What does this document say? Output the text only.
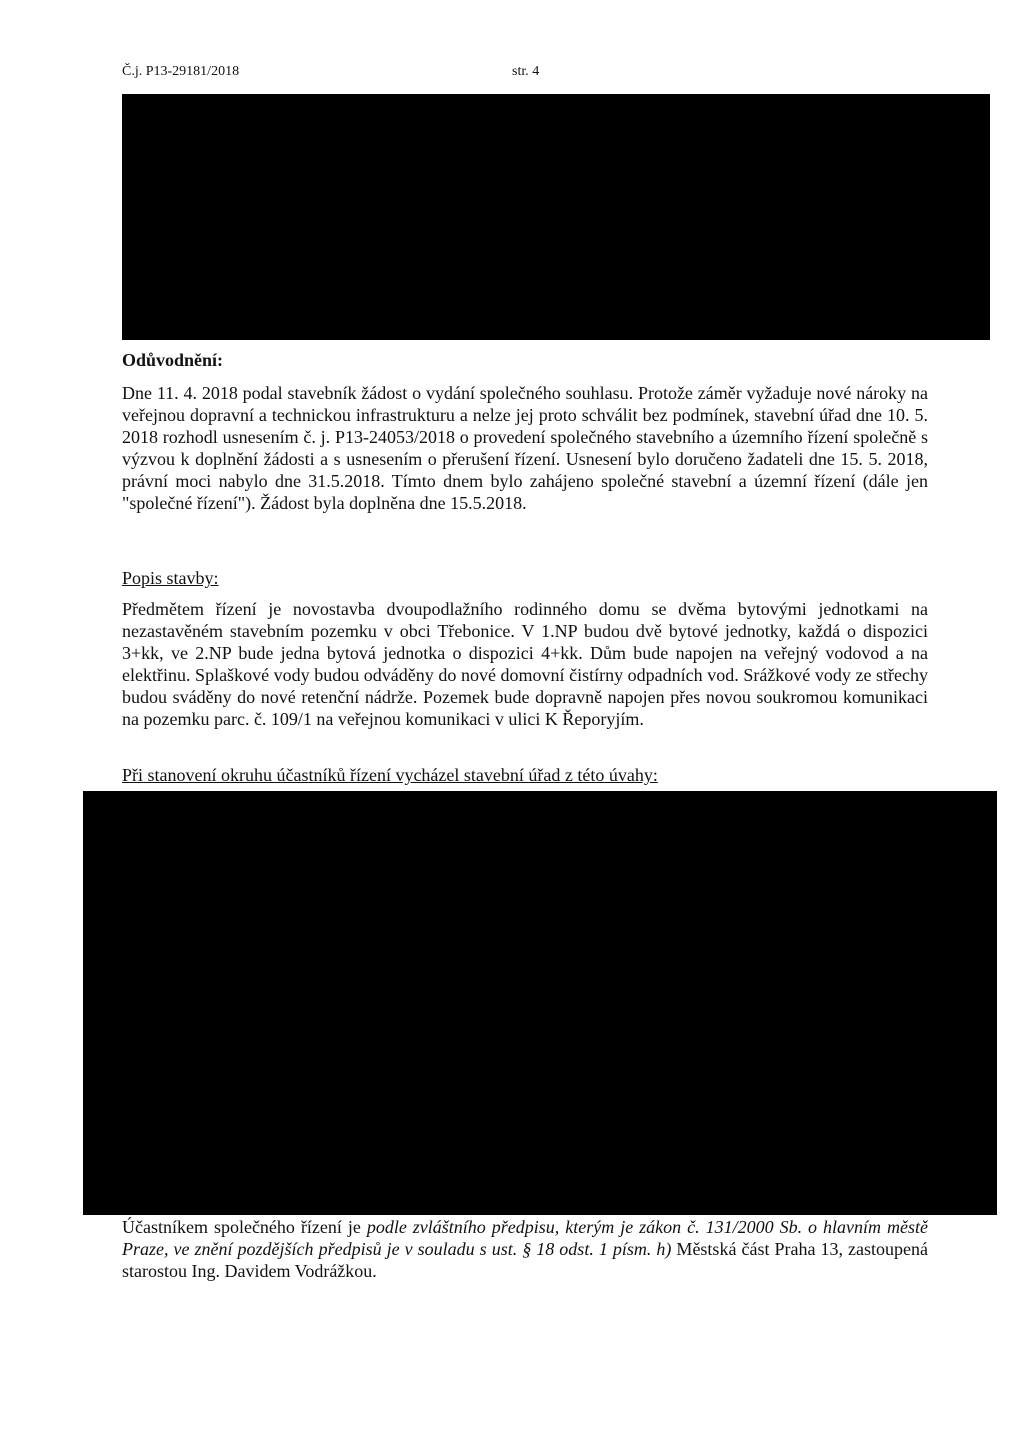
Č.j. P13-29181/2018	str. 4
Odůvodnění:
Dne 11. 4. 2018 podal stavebník žádost o vydání společného souhlasu. Protože záměr vyžaduje nové nároky na veřejnou dopravní a technickou infrastrukturu a nelze jej proto schválit bez podmínek, stavební úřad dne 10. 5. 2018 rozhodl usnesením č. j. P13-24053/2018 o provedení společného stavebního a územního řízení společně s výzvou k doplnění žádosti a s usnesením o přerušení řízení. Usnesení bylo doručeno žadateli dne 15. 5. 2018, právní moci nabylo dne 31.5.2018. Tímto dnem bylo zahájeno společné stavební a územní řízení (dále jen "společné řízení"). Žádost byla doplněna dne 15.5.2018.
Popis stavby:
Předmětem řízení je novostavba dvoupodlažního rodinného domu se dvěma bytovými jednotkami na nezastavěném stavebním pozemku v obci Třebonice. V 1.NP budou dvě bytové jednotky, každá o dispozici 3+kk, ve 2.NP bude jedna bytová jednotka o dispozici 4+kk. Dům bude napojen na veřejný vodovod a na elektřinu. Splaškové vody budou odváděny do nové domovní čistírny odpadních vod. Srážkové vody ze střechy budou sváděny do nové retenční nádrže. Pozemek bude dopravně napojen přes novou soukromou komunikaci na pozemku parc. č. 109/1 na veřejnou komunikaci v ulici K Řeporyjím.
Při stanovení okruhu účastníků řízení vycházel stavební úřad z této úvahy:
Účastníkem společného řízení je podle zvláštního předpisu, kterým je zákon č. 131/2000 Sb. o hlavním městě Praze, ve znění pozdějších předpisů je v souladu s ust. § 18 odst. 1 písm. h) Městská část Praha 13, zastoupená starostou Ing. Davidem Vodrážkou.
